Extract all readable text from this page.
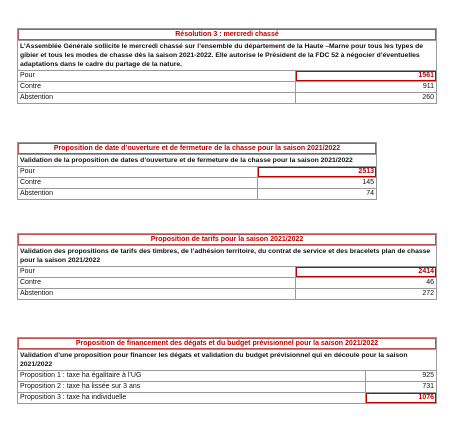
Résolution 3 : mercredi chassé
L’Assemblée Générale sollicite le mercredi chassé sur l’ensemble du département de la Haute –Marne pour tous les types de gibier et tous les modes de chasse dès la saison 2021-2022. Elle autorise le Président de la FDC 52 à négocier d’éventuelles adaptations dans le cadre du partage de la nature.
Pour	1561
Contre	911
Abstention	260
Proposition de date d’ouverture et de fermeture de la chasse pour la saison 2021/2022
Validation de la proposition de dates d’ouverture et de fermeture de la chasse pour la saison 2021/2022
Pour	2513
Contre	145
Abstention	74
Proposition de tarifs pour la saison 2021/2022
Validation des propositions de tarifs des timbres, de l’adhésion territoire, du contrat de service et des bracelets plan de chasse pour la saison 2021/2022
Pour	2414
Contre	46
Abstention	272
Proposition de financement des dégats et du budget prévisionnel pour la saison 2021/2022
Validation d’une proposition pour financer les dégats et validation du budget prévisionnel qui en découle pour la saison 2021/2022
Proposition 1 : taxe ha égalitaire à l’UG	925
Proposition 2 : taxe ha lissée sur 3 ans	731
Proposition 3 : taxe ha individuelle	1076
